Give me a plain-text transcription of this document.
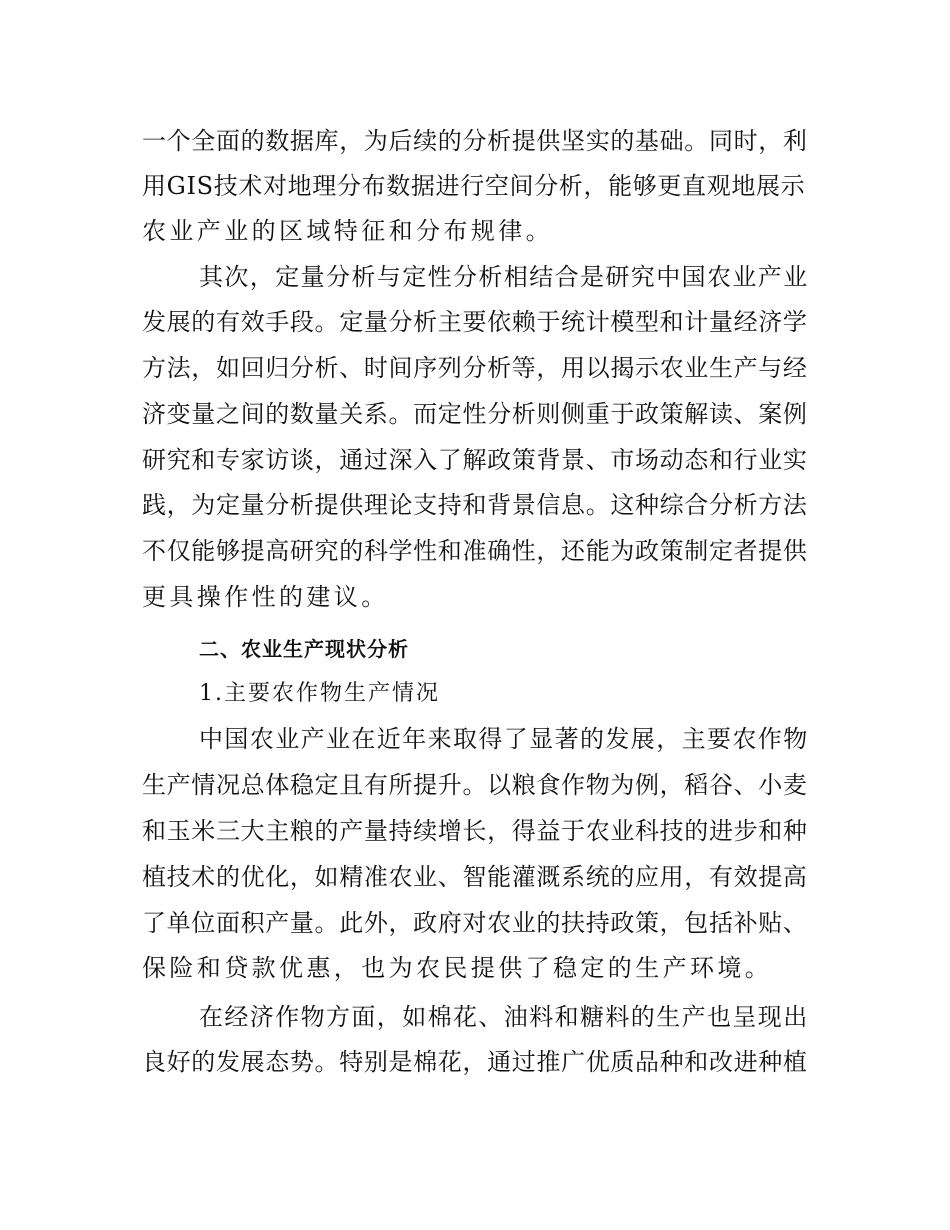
一个全面的数据库，为后续的分析提供坚实的基础。同时，利
用GIS技术对地理分布数据进行空间分析，能够更直观地展示
农业产业的区域特征和分布规律。
其次，定量分析与定性分析相结合是研究中国农业产业
发展的有效手段。定量分析主要依赖于统计模型和计量经济学
方法，如回归分析、时间序列分析等，用以揭示农业生产与经
济变量之间的数量关系。而定性分析则侧重于政策解读、案例
研究和专家访谈，通过深入了解政策背景、市场动态和行业实
践，为定量分析提供理论支持和背景信息。这种综合分析方法
不仅能够提高研究的科学性和准确性，还能为政策制定者提供
更具操作性的建议。
二、农业生产现状分析
1.主要农作物生产情况
中国农业产业在近年来取得了显著的发展，主要农作物
生产情况总体稳定且有所提升。以粮食作物为例，稻谷、小麦
和玉米三大主粮的产量持续增长，得益于农业科技的进步和种
植技术的优化，如精准农业、智能灌溉系统的应用，有效提高
了单位面积产量。此外，政府对农业的扶持政策，包括补贴、
保险和贷款优惠，也为农民提供了稳定的生产环境。
在经济作物方面，如棉花、油料和糖料的生产也呈现出
良好的发展态势。特别是棉花，通过推广优质品种和改进种植
